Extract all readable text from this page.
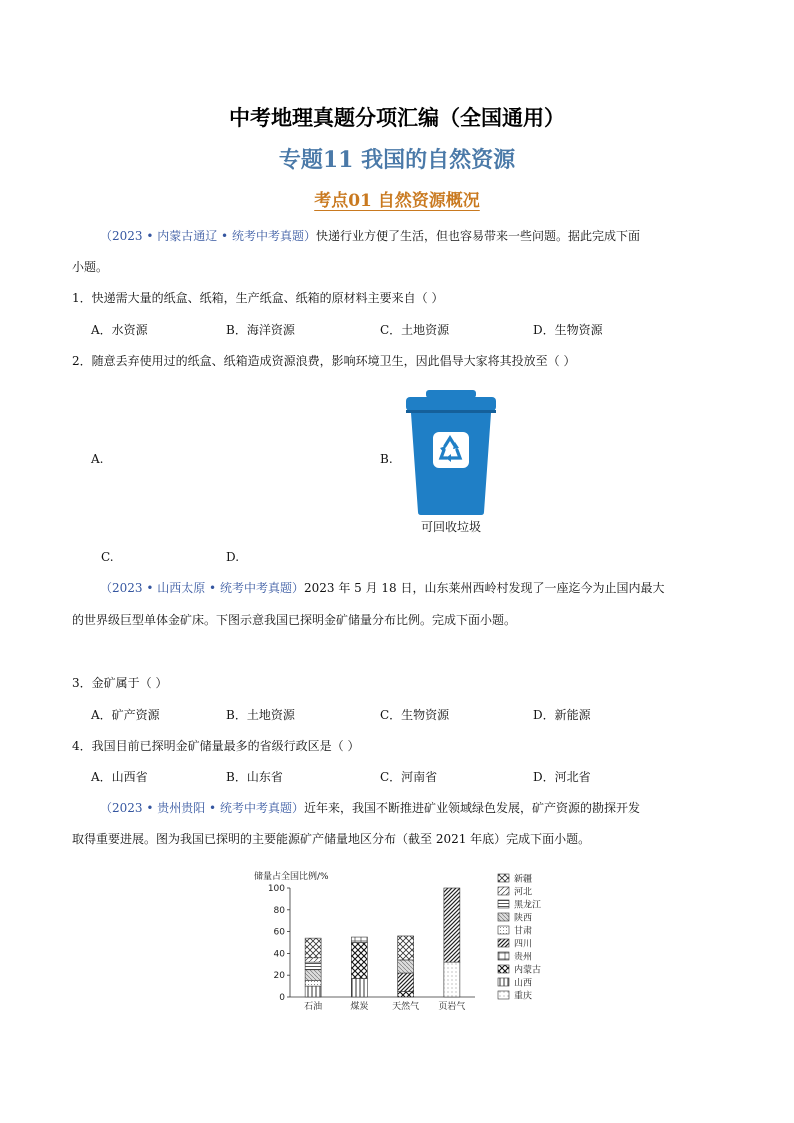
中考地理真题分项汇编（全国通用）
专题11 我国的自然资源
考点01 自然资源概况
（2023 • 内蒙古通辽 • 统考中考真题）快递行业方便了生活，但也容易带来一些问题。据此完成下面
小题。
1．快递需大量的纸盒、纸箱，生产纸盒、纸箱的原材料主要来自（ ）
A．水资源	B．海洋资源	C．土地资源	D．生物资源
2．随意丢弃使用过的纸盒、纸箱造成资源浪费，影响环境卫生，因此倡导大家将其投放至（ ）
A.	B.
C.	D.
可回收垃圾
（2023 • 山西太原 • 统考中考真题）2023 年 5 月 18 日，山东莱州西岭村发现了一座迄今为止国内最大
的世界级巨型单体金矿床。下图示意我国已探明金矿储量分布比例。完成下面小题。
3．金矿属于（ ）
A．矿产资源	B．土地资源	C．生物资源	D．新能源
4．我国目前已探明金矿储量最多的省级行政区是（ ）
A．山西省	B．山东省	C．河南省	D．河北省
（2023 • 贵州贵阳 • 统考中考真题）近年来，我国不断推进矿业领域绿色发展，矿产资源的勘探开发
取得重要进展。图为我国已探明的主要能源矿产储量地区分布（截至 2021 年底）完成下面小题。
储量占全国比例/%
0
20
40
60
80
100
石油	煤炭	天然气 页岩气
新疆
河北
黑龙江
陕西
甘肃
四川
贵州
内蒙古
山西
重庆
